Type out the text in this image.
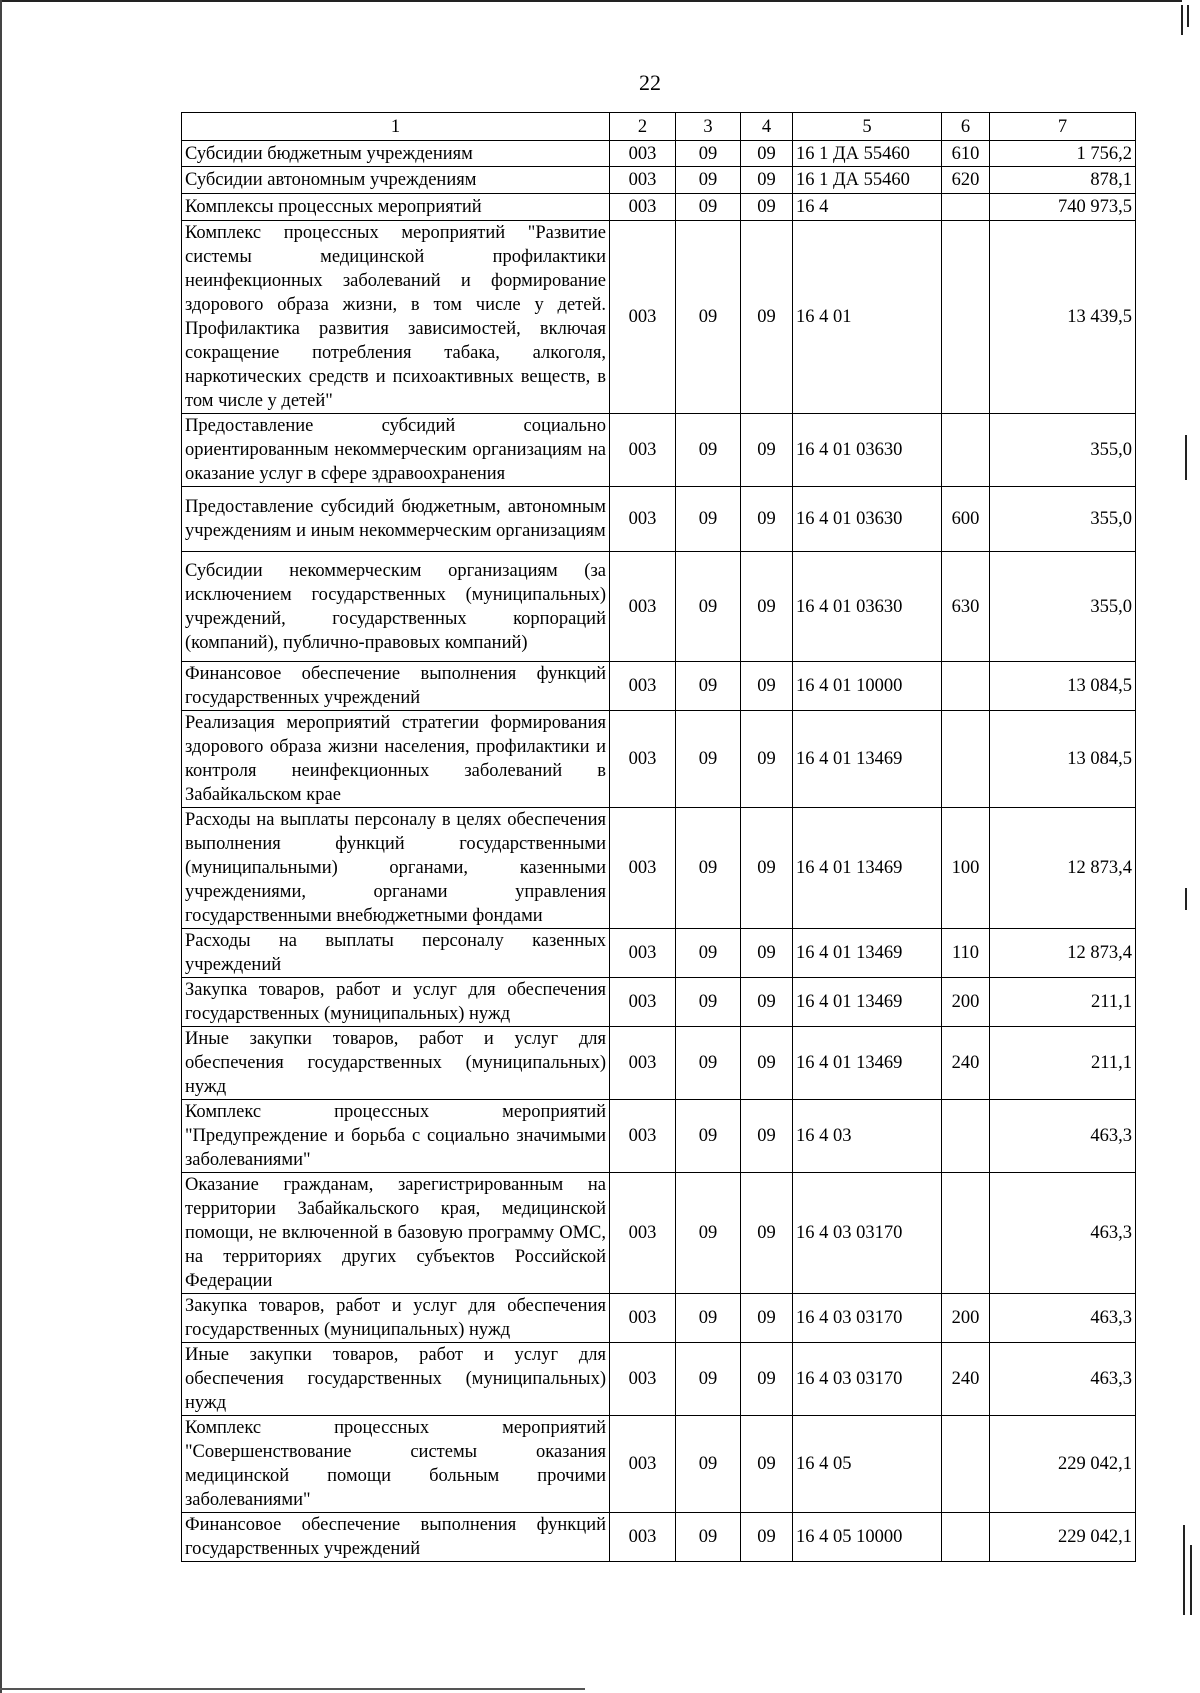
22
1	2	3	4	5	6	7
Субсидии бюджетным учреждениям	003	09	09	16 1 ДА 55460	610	1 756,2
Субсидии автономным учреждениям	003	09	09	16 1 ДА 55460	620	878,1
Комплексы процессных мероприятий	003	09	09	16 4		740 973,5
Комплекс процессных мероприятий "Развитие системы медицинской профилактики неинфекционных заболеваний и формирование здорового образа жизни, в том числе у детей. Профилактика развития зависимостей, включая сокращение потребления табака, алкоголя, наркотических средств и психоактивных веществ, в том числе у детей"	003	09	09	16 4 01		13 439,5
Предоставление субсидий социально ориентированным некоммерческим организациям на оказание услуг в сфере здравоохранения	003	09	09	16 4 01 03630		355,0
Предоставление субсидий бюджетным, автономным учреждениям и иным некоммерческим организациям	003	09	09	16 4 01 03630	600	355,0
Субсидии некоммерческим организациям (за исключением государственных (муниципальных) учреждений, государственных корпораций (компаний), публично-правовых компаний)	003	09	09	16 4 01 03630	630	355,0
Финансовое обеспечение выполнения функций государственных учреждений	003	09	09	16 4 01 10000		13 084,5
Реализация мероприятий стратегии формирования здорового образа жизни населения, профилактики и контроля неинфекционных заболеваний в Забайкальском крае	003	09	09	16 4 01 13469		13 084,5
Расходы на выплаты персоналу в целях обеспечения выполнения функций государственными (муниципальными) органами, казенными учреждениями, органами управления государственными внебюджетными фондами	003	09	09	16 4 01 13469	100	12 873,4
Расходы на выплаты персоналу казенных учреждений	003	09	09	16 4 01 13469	110	12 873,4
Закупка товаров, работ и услуг для обеспечения государственных (муниципальных) нужд	003	09	09	16 4 01 13469	200	211,1
Иные закупки товаров, работ и услуг для обеспечения государственных (муниципальных) нужд	003	09	09	16 4 01 13469	240	211,1
Комплекс процессных мероприятий "Предупреждение и борьба с социально значимыми заболеваниями"	003	09	09	16 4 03		463,3
Оказание гражданам, зарегистрированным на территории Забайкальского края, медицинской помощи, не включенной в базовую программу ОМС, на территориях других субъектов Российской Федерации	003	09	09	16 4 03 03170		463,3
Закупка товаров, работ и услуг для обеспечения государственных (муниципальных) нужд	003	09	09	16 4 03 03170	200	463,3
Иные закупки товаров, работ и услуг для обеспечения государственных (муниципальных) нужд	003	09	09	16 4 03 03170	240	463,3
Комплекс процессных мероприятий "Совершенствование системы оказания медицинской помощи больным прочими заболеваниями"	003	09	09	16 4 05		229 042,1
Финансовое обеспечение выполнения функций государственных учреждений	003	09	09	16 4 05 10000		229 042,1
